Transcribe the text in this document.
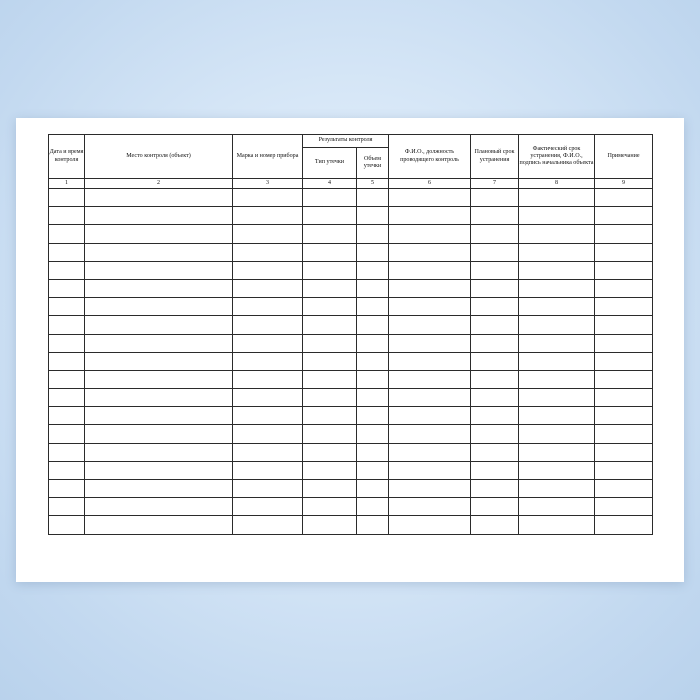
Дата и время контроля	Место контроля (объект)	Марка и номер прибора	Результаты контроля		Ф.И.О., должность проводящего контроль	Плановый срок устранения	Фактический срок устранения, Ф.И.О., подпись начальника объекта	Примечание
			Тип утечки	Объем утечки				
1	2	3	4	5	6	7	8	9
